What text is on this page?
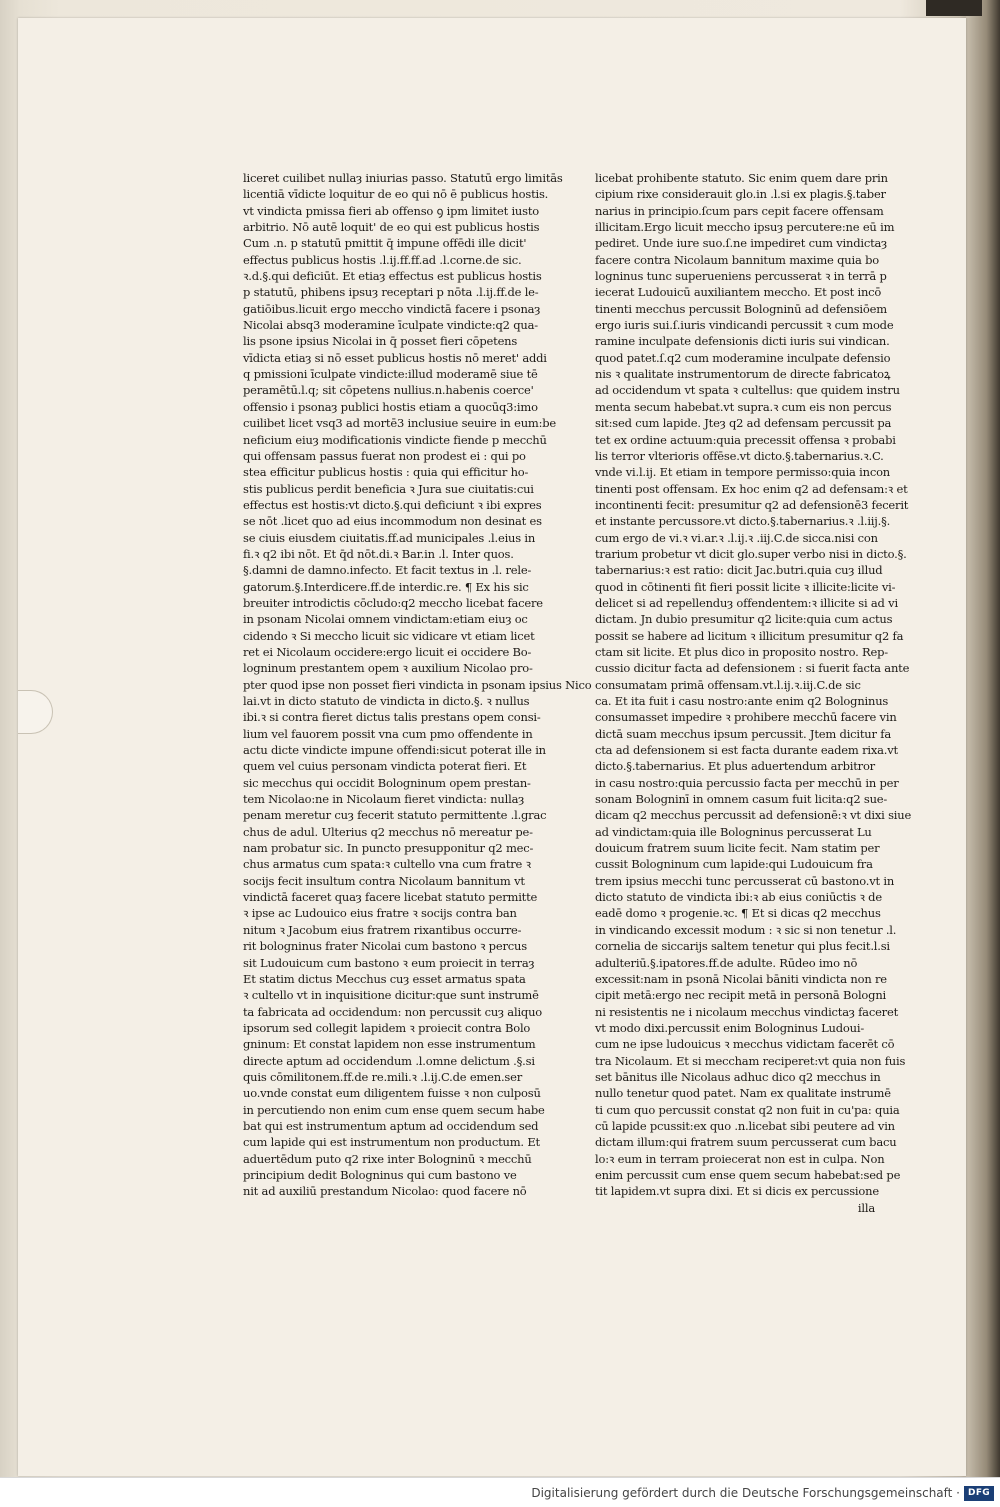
liceret cuilibet nullaȝ iniurias passo. Statutū ergo limitās
licentiā vīdicte loquitur de eo qui nō ē publicus hostis.
vt vindicta pmissa fieri ab offenso ꝯ ipm limitet iusto
arbitrio. Nō autē loquit' de eo qui est publicus hostis
Cum .n. p statutū pmittit q̄ impune offēdi ille dicit'
effectus publicus hostis .l.ij.ff.ff.ad .l.corne.de sic.
ꝛ.d.§.qui deficiūt. Et etiaȝ effectus est publicus hostis
p statutū, phibens ipsuȝ receptari p nōta .l.ij.ff.de le-
gatiōibus.licuit ergo meccho vindictā facere i psonaȝ
Nicolai absq3 moderamine īculpate vindicte:q2 qua-
lis psone ipsius Nicolai in q̄ posset fieri cōpetens
vīdicta etiaȝ si nō esset publicus hostis nō meret' addi
q pmissioni īculpate vindicte:illud moderamē siue tē
peramētū.l.q; sit cōpetens nullius.n.habenis coerce'
offensio i psonaȝ publici hostis etiam a quocūq3:imo
cuilibet licet vsq3 ad mortē3 inclusiue seuire in eum:be
neficium eiuȝ modificationis vindicte fiende p mecchū
qui offensam passus fuerat non prodest ei : qui po
stea efficitur publicus hostis : quia qui efficitur ho-
stis publicus perdit beneficia ꝛ Jura sue ciuitatis:cui
effectus est hostis:vt dicto.§.qui deficiunt ꝛ ibi expres
se nōt .licet quo ad eius incommodum non desinat es
se ciuis eiusdem ciuitatis.ff.ad municipales .l.eius in
fi.ꝛ q2 ibi nōt. Et q̄d nōt.di.ꝛ Bar.in .l. Inter quos.
§.damni de damno.infecto. Et facit textus in .l. rele-
gatorum.§.Interdicere.ff.de interdic.re. ¶ Ex his sic
breuiter introdictis cōcludo:q2 meccho licebat facere
in psonam Nicolai omnem vindictam:etiam eiuȝ oc
cidendo ꝛ Si meccho licuit sic vidicare vt etiam licet
ret ei Nicolaum occidere:ergo licuit ei occidere Bo-
logninum prestantem opem ꝛ auxilium Nicolao pro-
pter quod ipse non posset fieri vindicta in psonam ipsius Nico
lai.vt in dicto statuto de vindicta in dicto.§. ꝛ nullus
ibi.ꝛ si contra fieret dictus talis prestans opem consi-
lium vel fauorem possit vna cum pmo offendente in
actu dicte vindicte impune offendi:sicut poterat ille in
quem vel cuius personam vindicta poterat fieri. Et
sic mecchus qui occidit Bologninum opem prestan-
tem Nicolao:ne in Nicolaum fieret vindicta: nullaȝ
penam meretur cuȝ fecerit statuto permittente .l.grac
chus de adul. Ulterius q2 mecchus nō mereatur pe-
nam probatur sic. In puncto presupponitur q2 mec-
chus armatus cum spata:ꝛ cultello vna cum fratre ꝛ
socijs fecit insultum contra Nicolaum bannitum vt
vindictā faceret quaȝ facere licebat statuto permitte
ꝛ ipse ac Ludouico eius fratre ꝛ socijs contra ban
nitum ꝛ Jacobum eius fratrem rixantibus occurre-
rit bologninus frater Nicolai cum bastono ꝛ percus
sit Ludouicum cum bastono ꝛ eum proiecit in terraȝ
Et statim dictus Mecchus cuȝ esset armatus spata
ꝛ cultello vt in inquisitione dicitur:que sunt instrumē
ta fabricata ad occidendum: non percussit cuȝ aliquo
ipsorum sed collegit lapidem ꝛ proiecit contra Bolo
gninum: Et constat lapidem non esse instrumentum
directe aptum ad occidendum .l.omne delictum .§.si
quis cōmilitonem.ff.de re.mili.ꝛ .l.ij.C.de emen.ser
uo.vnde constat eum diligentem fuisse ꝛ non culposū
in percutiendo non enim cum ense quem secum habe
bat qui est instrumentum aptum ad occidendum sed
cum lapide qui est instrumentum non productum. Et
aduertēdum puto q2 rixe inter Bologninū ꝛ mecchū
principium dedit Bologninus qui cum bastono ve
nit ad auxiliū prestandum Nicolao: quod facere nō
licebat prohibente statuto. Sic enim quem dare prin
cipium rixe considerauit glo.in .l.si ex plagis.§.taber
narius in principio.ſcum pars cepit facere offensam
illicitam.Ergo licuit meccho ipsuȝ percutere:ne eū im
pediret. Unde iure suo.ſ.ne impediret cum vindictaȝ
facere contra Nicolaum bannitum maxime quia bo
logninus tunc superueniens percusserat ꝛ in terrā p
iecerat Ludouicū auxiliantem meccho. Et post incō
tinenti mecchus percussit Bologninū ad defensiōem
ergo iuris sui.ſ.iuris vindicandi percussit ꝛ cum mode
ramine inculpate defensionis dicti iuris sui vindican.
quod patet.ſ.q2 cum moderamine inculpate defensio
nis ꝛ qualitate instrumentorum de directe fabricatoꝝ
ad occidendum vt spata ꝛ cultellus: que quidem instru
menta secum habebat.vt supra.ꝛ cum eis non percus
sit:sed cum lapide. Jteȝ q2 ad defensam percussit pa
tet ex ordine actuum:quia precessit offensa ꝛ probabi
lis terror vlterioris offēse.vt dicto.§.tabernarius.ꝛ.C.
vnde vi.l.ij. Et etiam in tempore permisso:quia incon
tinenti post offensam. Ex hoc enim q2 ad defensam:ꝛ et
incontinenti fecit: presumitur q2 ad defensionē3 fecerit
et instante percussore.vt dicto.§.tabernarius.ꝛ .l.iij.§.
cum ergo de vi.ꝛ vi.ar.ꝛ .l.ij.ꝛ .iij.C.de sicca.nisi con
trarium probetur vt dicit glo.super verbo nisi in dicto.§.
tabernarius:ꝛ est ratio: dicit Jac.butri.quia cuȝ illud
quod in cōtinenti fit fieri possit licite ꝛ illicite:licite vi-
delicet si ad repellenduȝ offendentem:ꝛ illicite si ad vi
dictam. Jn dubio presumitur q2 licite:quia cum actus
possit se habere ad licitum ꝛ illicitum presumitur q2 fa
ctam sit licite. Et plus dico in proposito nostro. Rep-
cussio dicitur facta ad defensionem : si fuerit facta ante
consumatam primā offensam.vt.l.ij.ꝛ.iij.C.de sic
ca. Et ita fuit i casu nostro:ante enim q2 Bologninus
consumasset impedire ꝛ prohibere mecchū facere vin
dictā suam mecchus ipsum percussit. Jtem dicitur fa
cta ad defensionem si est facta durante eadem rixa.vt
dicto.§.tabernarius. Et plus aduertendum arbitror
in casu nostro:quia percussio facta per mecchū in per
sonam Bologninī in omnem casum fuit licita:q2 sue-
dicam q2 mecchus percussit ad defensionē:ꝛ vt dixi siue
ad vindictam:quia ille Bologninus percusserat Lu
douicum fratrem suum licite fecit. Nam statim per
cussit Bologninum cum lapide:qui Ludouicum fra
trem ipsius mecchi tunc percusserat cū bastono.vt in
dicto statuto de vindicta ibi:ꝛ ab eius coniūctis ꝛ de
eadē domo ꝛ progenie.ꝛc. ¶ Et si dicas q2 mecchus
in vindicando excessit modum : ꝛ sic si non tenetur .l.
cornelia de siccarijs saltem tenetur qui plus fecit.l.si
adulteriū.§.ipatores.ff.de adulte. Rūdeo imo nō
excessit:nam in psonā Nicolai bāniti vindicta non re
cipit metā:ergo nec recipit metā in personā Bologni
ni resistentis ne i nicolaum mecchus vindictaȝ faceret
vt modo dixi.percussit enim Bologninus Ludoui-
cum ne ipse ludouicus ꝛ mecchus vidictam facerēt cō
tra Nicolaum. Et si meccham reciperet:vt quia non fuis
set bānitus ille Nicolaus adhuc dico q2 mecchus in
nullo tenetur quod patet. Nam ex qualitate instrumē
ti cum quo percussit constat q2 non fuit in cu'pa: quia
cū lapide pcussit:ex quo .n.licebat sibi peutere ad vin
dictam illum:qui fratrem suum percusserat cum bacu
lo:ꝛ eum in terram proiecerat non est in culpa. Non
enim percussit cum ense quem secum habebat:sed pe
tit lapidem.vt supra dixi. Et si dicis ex percussione
illa
Digitalisierung gefördert durch die Deutsche Forschungsgemeinschaft · DFG
